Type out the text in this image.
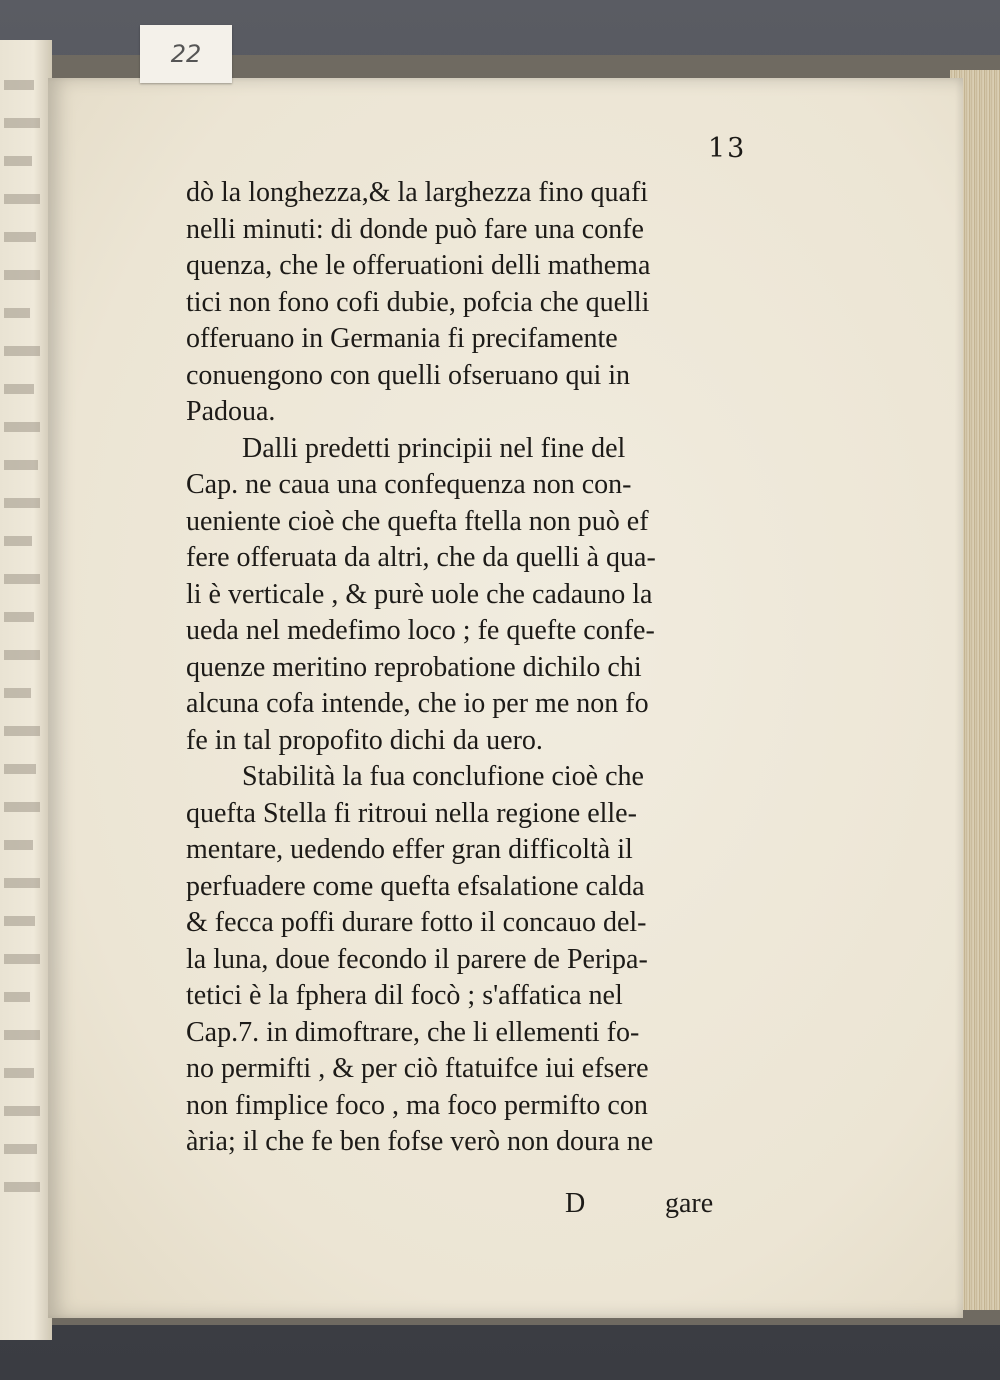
22
13
dò la longhezza,& la larghezza fino quafi
nelli minuti: di donde può fare una confe
quenza, che le offeruationi delli mathema
tici non fono cofi dubie, pofcia che quelli
offeruano in Germania fi precifamente
conuengono con quelli ofseruano qui in
Padoua.
Dalli predetti principii nel fine del
Cap. ne caua una confequenza non con-
ueniente cioè che quefta ftella non può ef
fere offeruata da altri, che da quelli à qua-
li è verticale , & purè uole che cadauno la
ueda nel medefimo loco ; fe quefte confe-
quenze meritino reprobatione dichilo chi
alcuna cofa intende, che io per me non fo
fe in tal propofito dichi da uero.
Stabilità la fua conclufione cioè che
quefta Stella fi ritroui nella regione elle-
mentare, uedendo effer gran difficoltà il
perfuadere come quefta efsalatione calda
& fecca poffi durare fotto il concauo del-
la luna, doue fecondo il parere de Peripa-
tetici è la fphera dil focò ; s'affatica nel
Cap.7. in dimoftrare, che li ellementi fo-
no permifti , & per ciò ftatuifce iui efsere
non fimplice foco , ma foco permifto con
ària; il che fe ben fofse verò non doura ne
D	gare
